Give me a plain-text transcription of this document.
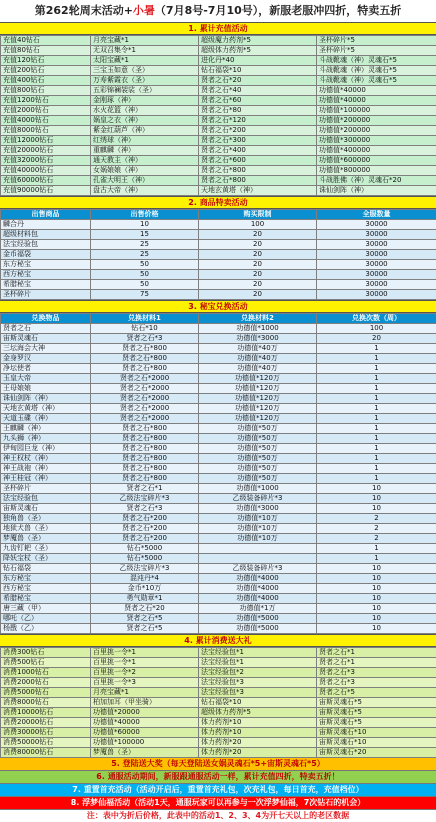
第262轮周末活动+小暑（7月8号-7月10号），新服老服冲四折，特卖五折
1. 累计充值活动
充值40钻石	月亮宝藏*1	超级魔力药剂*5	圣杯碎片*5
充值80钻石	无双召集令*1	超级体力药剂*5	圣杯碎片*5
充值120钻石	太阳宝藏*1	进化丹*40	斗战靴魂（神）灵魂石*5
充值200钻石	三宝玉如意（圣）	钻石福袋*10	斗战靴魂（神）灵魂石*5
充值400钻石	万寿紫霞衣（圣）	贤者之石*20	斗战靴魂（神）灵魂石*5
充值800钻石	五彩锦襕袈裟（圣）	贤者之石*40	功德值*40000
充值1200钻石	金刚琢（神）	贤者之石*60	功德值*40000
充值2000钻石	水火花篮（神）	贤者之石*80	功德值*100000
充值4000钻石	娲皇之衣（神）	贤者之石*120	功德值*200000
充值8000钻石	紫金红葫芦（神）	贤者之石*200	功德值*200000
充值12000钻石	红绣球（神）	贤者之石*300	功德值*300000
充值20000钻石	重麒麟（神）	贤者之石*400	功德值*400000
充值32000钻石	通天教主（神）	贤者之石*600	功德值*600000
充值40000钻石	女娲娘娘（神）	贤者之石*800	功德值*800000
充值60000钻石	孔雀大明王（神）	贤者之石*800	斗战胜佛（神）灵魂石*20
充值90000钻石	盘古大帝（神）	天地玄黄塔（神）	诛仙剑阵（神）
2. 商品特卖活动
出售商品	出售价格	购买限制	全服数量
麟合丹	10	100	30000
超级材料包	15	20	30000
法宝经验包	25	20	30000
金币福袋	25	20	30000
东方秘宝	50	20	30000
西方秘宝	50	20	30000
希腊秘宝	50	20	30000
圣杯碎片	75	20	30000
3. 秘宝兑换活动
兑换物品	兑换材料1	兑换材料2	兑换次数（周）
贤者之石	钻石*10	功德值*1000	100
宙斯灵魂石	贤者之石*3	功德值*3000	20
三坛海会大神	贤者之石*800	功德值*40万	1
金身罗汉	贤者之石*800	功德值*40万	1
净坛使者	贤者之石*800	功德值*40万	1
玉皇大帝	贤者之石*2000	功德值*120万	1
王母娘娘	贤者之石*2000	功德值*120万	1
诛仙剑阵（神）	贤者之石*2000	功德值*120万	1
天地玄黄塔（神）	贤者之石*2000	功德值*120万	1
天道玉碟（神）	贤者之石*2000	功德值*120万	1
王麒麟（神）	贤者之石*800	功德值*50万	1
九头狮（神）	贤者之石*800	功德值*50万	1
伊甸园巨龙（神）	贤者之石*800	功德值*50万	1
神王权杖（神）	贤者之石*800	功德值*50万	1
神王战袍（神）	贤者之石*800	功德值*50万	1
神王桂冠（神）	贤者之石*800	功德值*50万	1
圣杯碎片	贤者之石*1	功德值*1000	10
法宝经验包	乙级法宝碎片*3	乙级装备碎片*3	10
宙斯灵魂石	贤者之石*3	功德值*3000	10
独角兽（圣）	贤者之石*200	功德值*10万	2
地狱犬兽（圣）	贤者之石*200	功德值*10万	2
梦魇兽（圣）	贤者之石*200	功德值*10万	2
九齿钉耙（圣）	钻石*5000		1
降妖宝杖（圣）	钻石*5000		1
钻石福袋	乙级法宝碎片*3	乙级装备碎片*3	10
东方秘宝	混沌丹*4	功德值*4000	10
西方秘宝	金币*10万	功德值*4000	10
希腊秘宝	勇气勋章*1	功德值*4000	10
唐三藏（甲）	贤者之石*20	功德值*1万	10
哪吒（乙）	贤者之石*5	功德值*5000	10
杨戬（乙）	贤者之石*5	功德值*5000	10
4. 累计消费送大礼
消费300钻石	百里挑一令*1	法宝经验包*1	贤者之石*1
消费500钻石	百里挑一令*1	法宝经验包*1	贤者之石*1
消费1000钻石	百里挑一令*2	法宝经验包*2	贤者之石*3
消费2000钻石	百里挑一令*3	法宝经验包*3	贤者之石*3
消费5000钻石	月亮宝藏*1	法宝经验包*3	贤者之石*5
消费8000钻石	柏加加耳（甲坐骑）	钻石福袋*10	宙斯灵魂石*5
消费10000钻石	功德值*20000	超级体力药剂*5	宙斯灵魂石*5
消费20000钻石	功德值*40000	体力药剂*10	宙斯灵魂石*5
消费30000钻石	功德值*60000	体力药剂*10	宙斯灵魂石*10
消费50000钻石	功德值*100000	体力药剂*20	宙斯灵魂石*10
消费80000钻石	梦魇兽（圣）	体力药剂*20	宙斯灵魂石*20
5. 登陆送大奖（每天登陆送女娲灵魂石*5+宙斯灵魂石*5）
6. 通服活动期间，新服跟通服活动一样，累计充值四折，特卖五折！
7. 重置首充活动（活动开启后，重置首充礼包，次充礼包，每日首充，充值档位）
8. 浮梦仙福活动（活动1天，通服玩家可以再参与一次浮梦仙福，7次钻石的机会）
注：表中为折后价格，此表中的活动1、2、3、4为开七天以上的老区数据
